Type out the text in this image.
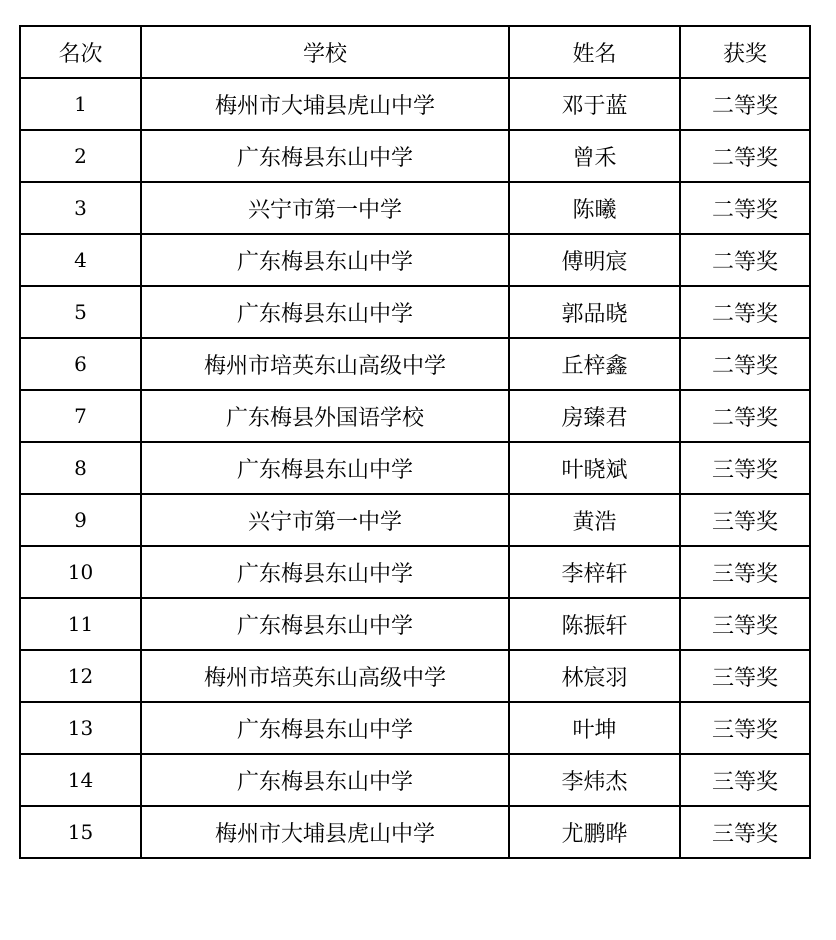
名次	学校	姓名	获奖
1	梅州市大埔县虎山中学	邓于蓝	二等奖
2	广东梅县东山中学	曾禾	二等奖
3	兴宁市第一中学	陈曦	二等奖
4	广东梅县东山中学	傅明宸	二等奖
5	广东梅县东山中学	郭品晓	二等奖
6	梅州市培英东山高级中学	丘梓鑫	二等奖
7	广东梅县外国语学校	房臻君	二等奖
8	广东梅县东山中学	叶晓斌	三等奖
9	兴宁市第一中学	黄浩	三等奖
10	广东梅县东山中学	李梓轩	三等奖
11	广东梅县东山中学	陈振轩	三等奖
12	梅州市培英东山高级中学	林宸羽	三等奖
13	广东梅县东山中学	叶坤	三等奖
14	广东梅县东山中学	李炜杰	三等奖
15	梅州市大埔县虎山中学	尤鹏晔	三等奖
